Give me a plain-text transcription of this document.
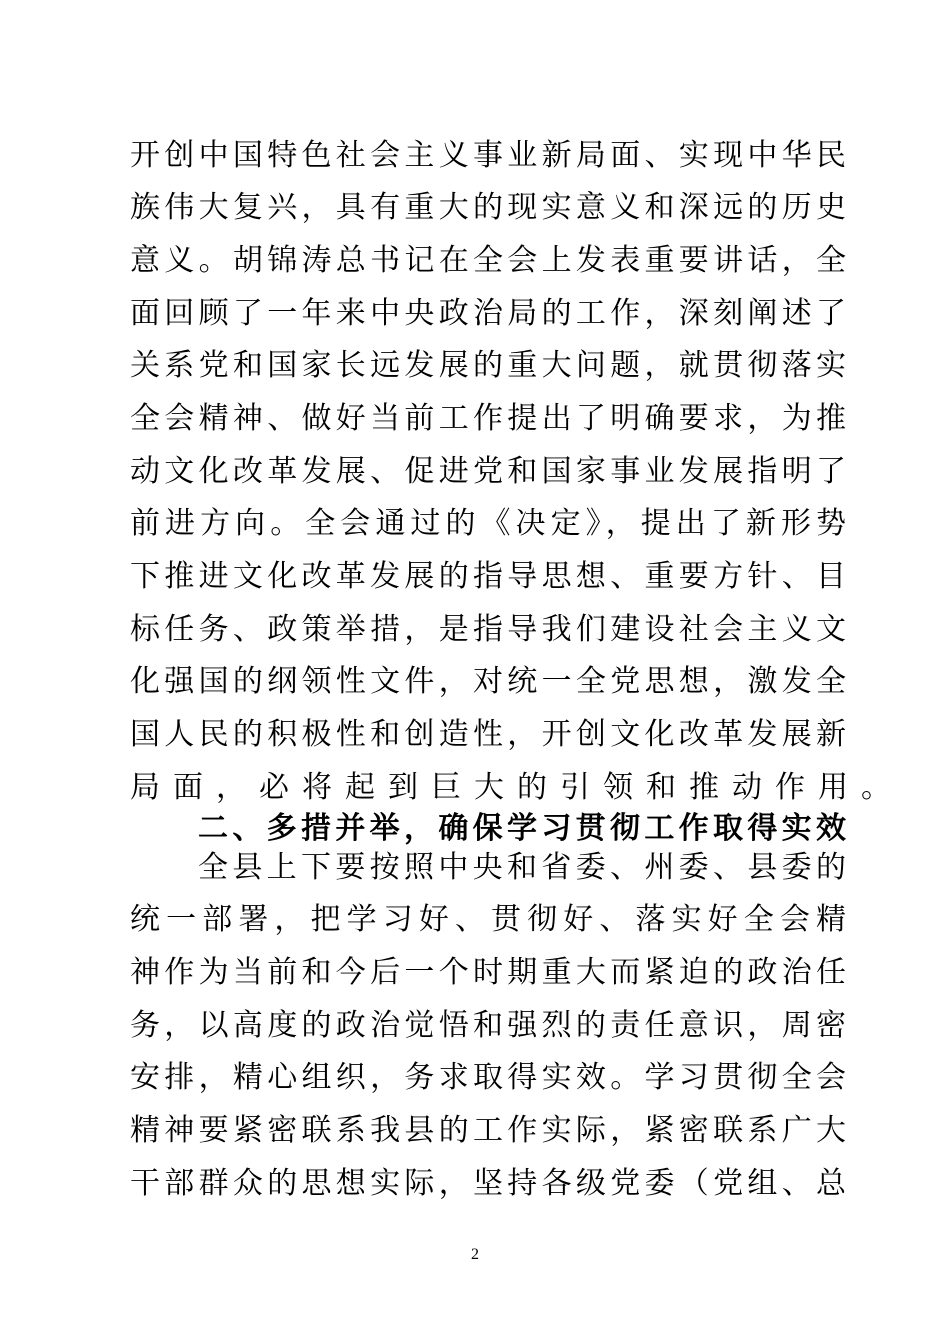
开创中国特色社会主义事业新局面、实现中华民
族伟大复兴，具有重大的现实意义和深远的历史
意义。胡锦涛总书记在全会上发表重要讲话，全
面回顾了一年来中央政治局的工作，深刻阐述了
关系党和国家长远发展的重大问题，就贯彻落实
全会精神、做好当前工作提出了明确要求，为推
动文化改革发展、促进党和国家事业发展指明了
前进方向。全会通过的《决定》，提出了新形势
下推进文化改革发展的指导思想、重要方针、目
标任务、政策举措，是指导我们建设社会主义文
化强国的纲领性文件，对统一全党思想，激发全
国人民的积极性和创造性，开创文化改革发展新
局面，必将起到巨大的引领和推动作用。
二、多措并举，确保学习贯彻工作取得实效
全县上下要按照中央和省委、州委、县委的
统一部署，把学习好、贯彻好、落实好全会精
神作为当前和今后一个时期重大而紧迫的政治任
务，以高度的政治觉悟和强烈的责任意识，周密
安排，精心组织，务求取得实效。学习贯彻全会
精神要紧密联系我县的工作实际，紧密联系广大
干部群众的思想实际，坚持各级党委（党组、总
2
